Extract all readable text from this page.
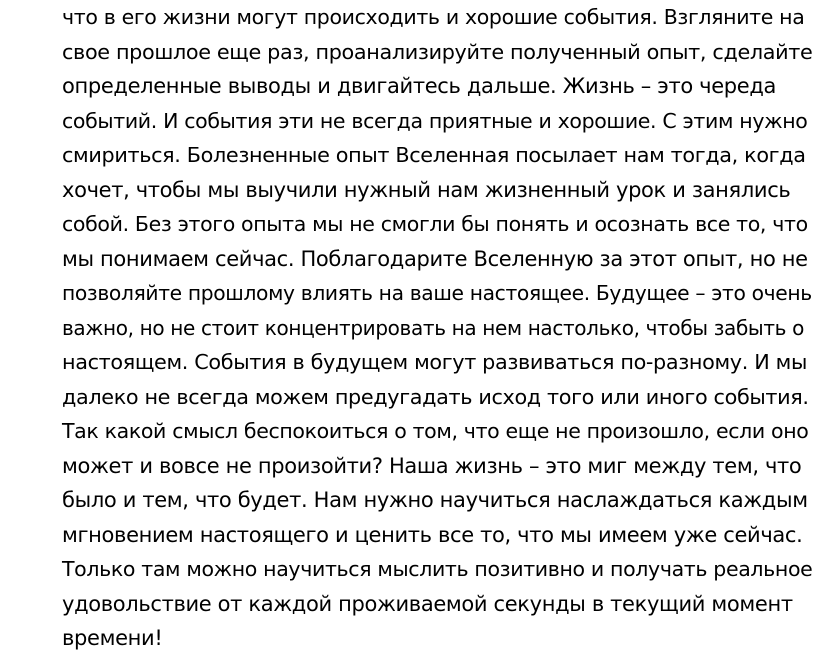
что в его жизни могут происходить и хорошие события. Взгляните на
свое прошлое еще раз, проанализируйте полученный опыт, сделайте
определенные выводы и двигайтесь дальше. Жизнь – это череда
событий. И события эти не всегда приятные и хорошие. С этим нужно
смириться. Болезненные опыт Вселенная посылает нам тогда, когда
хочет, чтобы мы выучили нужный нам жизненный урок и занялись
собой. Без этого опыта мы не смогли бы понять и осознать все то, что
мы понимаем сейчас. Поблагодарите Вселенную за этот опыт, но не
позволяйте прошлому влиять на ваше настоящее. Будущее – это очень
важно, но не стоит концентрировать на нем настолько, чтобы забыть о
настоящем. События в будущем могут развиваться по-разному. И мы
далеко не всегда можем предугадать исход того или иного события.
Так какой смысл беспокоиться о том, что еще не произошло, если оно
может и вовсе не произойти? Наша жизнь – это миг между тем, что
было и тем, что будет. Нам нужно научиться наслаждаться каждым
мгновением настоящего и ценить все то, что мы имеем уже сейчас.
Только там можно научиться мыслить позитивно и получать реальное
удовольствие от каждой проживаемой секунды в текущий момент
времени!
